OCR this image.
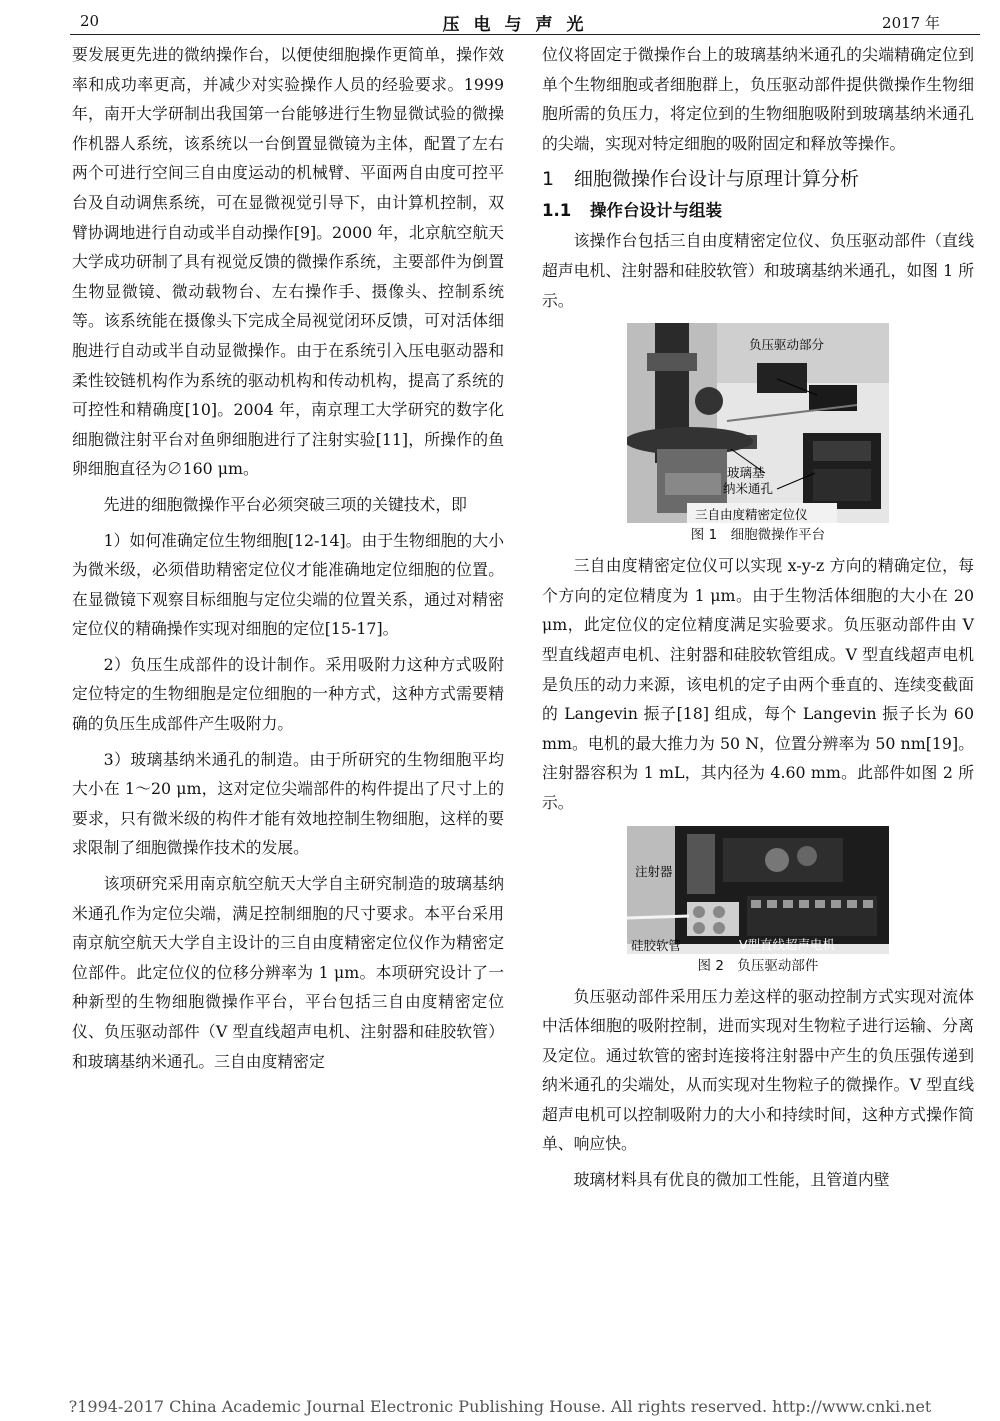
20	压电与声光	2017 年

要发展更先进的微纳操作台，以便使细胞操作更简单，操作效率和成功率更高，并减少对实验操作人员的经验要求。1999 年，南开大学研制出我国第一台能够进行生物显微试验的微操作机器人系统，该系统以一台倒置显微镜为主体，配置了左右两个可进行空间三自由度运动的机械臂、平面两自由度可控平台及自动调焦系统，可在显微视觉引导下，由计算机控制，双臂协调地进行自动或半自动操作[9]。2000 年，北京航空航天大学成功研制了具有视觉反馈的微操作系统，主要部件为倒置生物显微镜、微动载物台、左右操作手、摄像头、控制系统等。该系统能在摄像头下完成全局视觉闭环反馈，可对活体细胞进行自动或半自动显微操作。由于在系统引入压电驱动器和柔性铰链机构作为系统的驱动机构和传动机构，提高了系统的可控性和精确度[10]。2004 年，南京理工大学研究的数字化细胞微注射平台对鱼卵细胞进行了注射实验[11]，所操作的鱼卵细胞直径为∅160 μm。

先进的细胞微操作平台必须突破三项的关键技术，即

1）如何准确定位生物细胞[12-14]。由于生物细胞的大小为微米级，必须借助精密定位仪才能准确地定位细胞的位置。在显微镜下观察目标细胞与定位尖端的位置关系，通过对精密定位仪的精确操作实现对细胞的定位[15-17]。

2）负压生成部件的设计制作。采用吸附力这种方式吸附定位特定的生物细胞是定位细胞的一种方式，这种方式需要精确的负压生成部件产生吸附力。

3）玻璃基纳米通孔的制造。由于所研究的生物细胞平均大小在 1～20 μm，这对定位尖端部件的构件提出了尺寸上的要求，只有微米级的构件才能有效地控制生物细胞，这样的要求限制了细胞微操作技术的发展。

该项研究采用南京航空航天大学自主研究制造的玻璃基纳米通孔作为定位尖端，满足控制细胞的尺寸要求。本平台采用南京航空航天大学自主设计的三自由度精密定位仪作为精密定位部件。此定位仪的位移分辨率为 1 μm。本项研究设计了一种新型的生物细胞微操作平台，平台包括三自由度精密定位仪、负压驱动部件（V 型直线超声电机、注射器和硅胶软管）和玻璃基纳米通孔。三自由度精密定

位仪将固定于微操作台上的玻璃基纳米通孔的尖端精确定位到单个生物细胞或者细胞群上，负压驱动部件提供微操作生物细胞所需的负压力，将定位到的生物细胞吸附到玻璃基纳米通孔的尖端，实现对特定细胞的吸附固定和释放等操作。

1 细胞微操作台设计与原理计算分析
1.1 操作台设计与组装

该操作台包括三自由度精密定位仪、负压驱动部件（直线超声电机、注射器和硅胶软管）和玻璃基纳米通孔，如图 1 所示。

负压驱动部分
玻璃基
纳米通孔
三自由度精密定位仪
图 1　细胞微操作平台

三自由度精密定位仪可以实现 x-y-z 方向的精确定位，每个方向的定位精度为 1 μm。由于生物活体细胞的大小在 20 μm，此定位仪的定位精度满足实验要求。负压驱动部件由 V 型直线超声电机、注射器和硅胶软管组成。V 型直线超声电机是负压的动力来源，该电机的定子由两个垂直的、连续变截面的 Langevin 振子[18] 组成，每个 Langevin 振子长为 60 mm。电机的最大推力为 50 N，位置分辨率为 50 nm[19]。注射器容积为 1 mL，其内径为 4.60 mm。此部件如图 2 所示。

注射器
硅胶软管	V型直线超声电机
图 2　负压驱动部件

负压驱动部件采用压力差这样的驱动控制方式实现对流体中活体细胞的吸附控制，进而实现对生物粒子进行运输、分离及定位。通过软管的密封连接将注射器中产生的负压强传递到纳米通孔的尖端处，从而实现对生物粒子的微操作。V 型直线超声电机可以控制吸附力的大小和持续时间，这种方式操作简单、响应快。

玻璃材料具有优良的微加工性能，且管道内壁

?1994-2017 China Academic Journal Electronic Publishing House. All rights reserved. http://www.cnki.net
